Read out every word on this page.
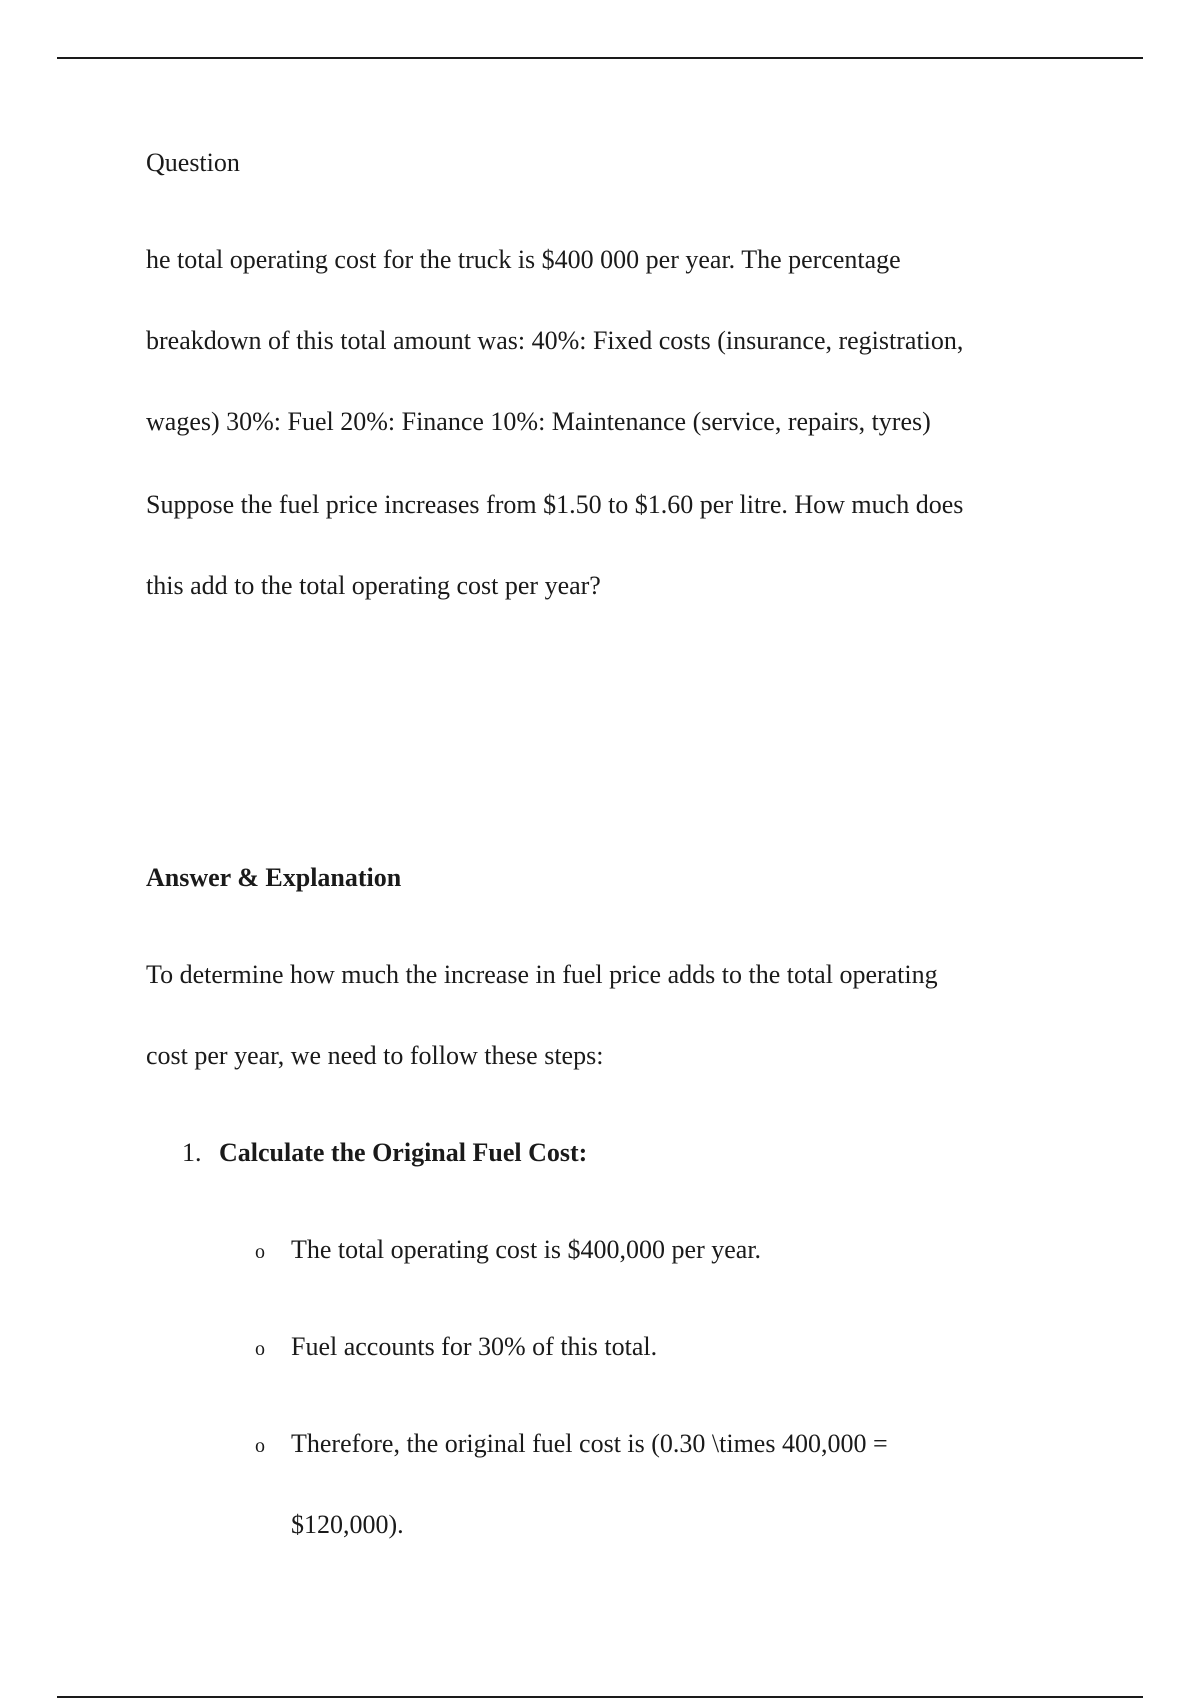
Question
he total operating cost for the truck is $400 000 per year. The percentage
breakdown of this total amount was: 40%: Fixed costs (insurance, registration,
wages) 30%: Fuel 20%: Finance 10%: Maintenance (service, repairs, tyres)
Suppose the fuel price increases from $1.50 to $1.60 per litre. How much does
this add to the total operating cost per year?
Answer & Explanation
To determine how much the increase in fuel price adds to the total operating
cost per year, we need to follow these steps:
1. Calculate the Original Fuel Cost:
o The total operating cost is $400,000 per year.
o Fuel accounts for 30% of this total.
o Therefore, the original fuel cost is (0.30 \times 400,000 =
$120,000).
